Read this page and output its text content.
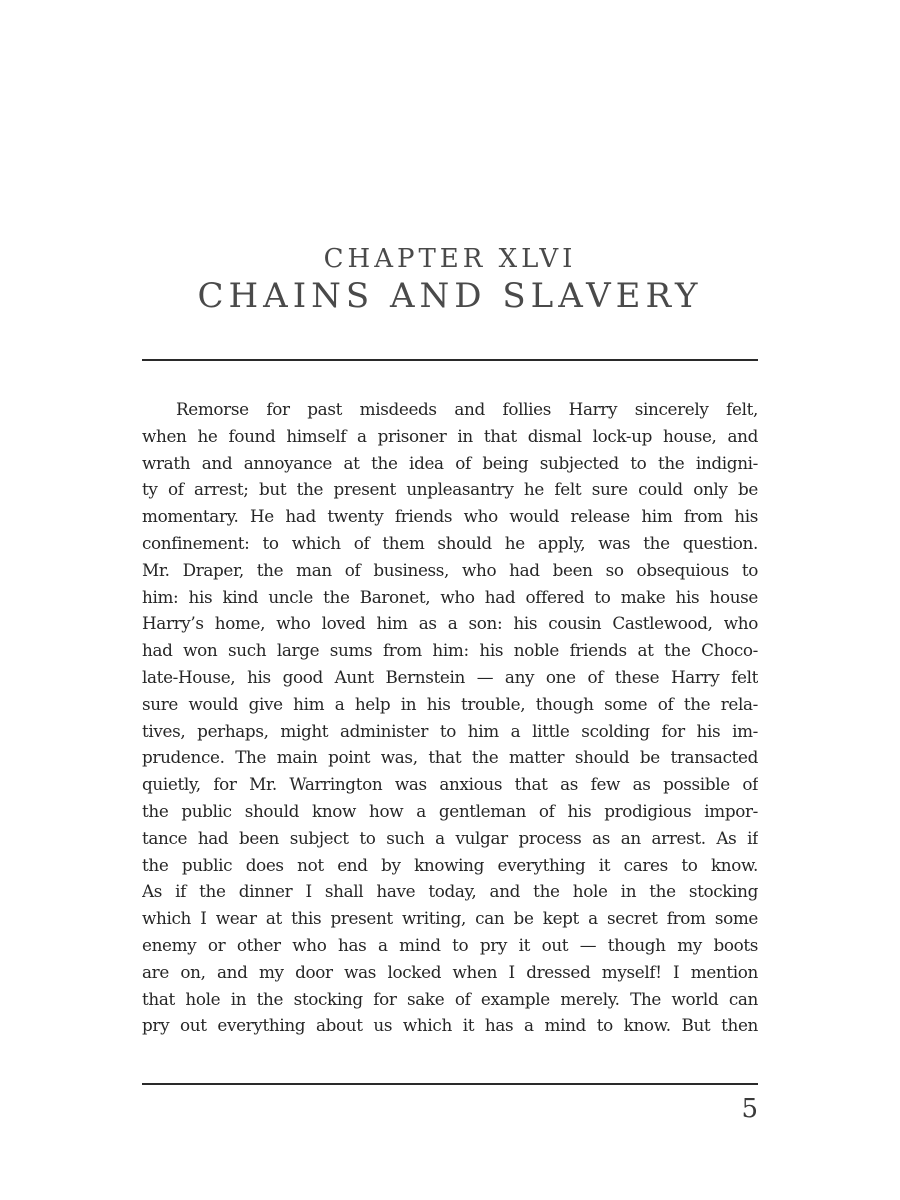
CHAPTER XLVI
CHAINS AND SLAVERY
Remorse for past misdeeds and follies Harry sincerely felt,
when he found himself a prisoner in that dismal lock-up house, and
wrath and annoyance at the idea of being subjected to the indigni-
ty of arrest; but the present unpleasantry he felt sure could only be
momentary. He had twenty friends who would release him from his
confinement: to which of them should he apply, was the question.
Mr. Draper, the man of business, who had been so obsequious to
him: his kind uncle the Baronet, who had offered to make his house
Harry’s home, who loved him as a son: his cousin Castlewood, who
had won such large sums from him: his noble friends at the Choco-
late-House, his good Aunt Bernstein — any one of these Harry felt
sure would give him a help in his trouble, though some of the rela-
tives, perhaps, might administer to him a little scolding for his im-
prudence. The main point was, that the matter should be transacted
quietly, for Mr. Warrington was anxious that as few as possible of
the public should know how a gentleman of his prodigious impor-
tance had been subject to such a vulgar process as an arrest. As if
the public does not end by knowing everything it cares to know.
As if the dinner I shall have today, and the hole in the stocking
which I wear at this present writing, can be kept a secret from some
enemy or other who has a mind to pry it out — though my boots
are on, and my door was locked when I dressed myself! I mention
that hole in the stocking for sake of example merely. The world can
pry out everything about us which it has a mind to know. But then
5
